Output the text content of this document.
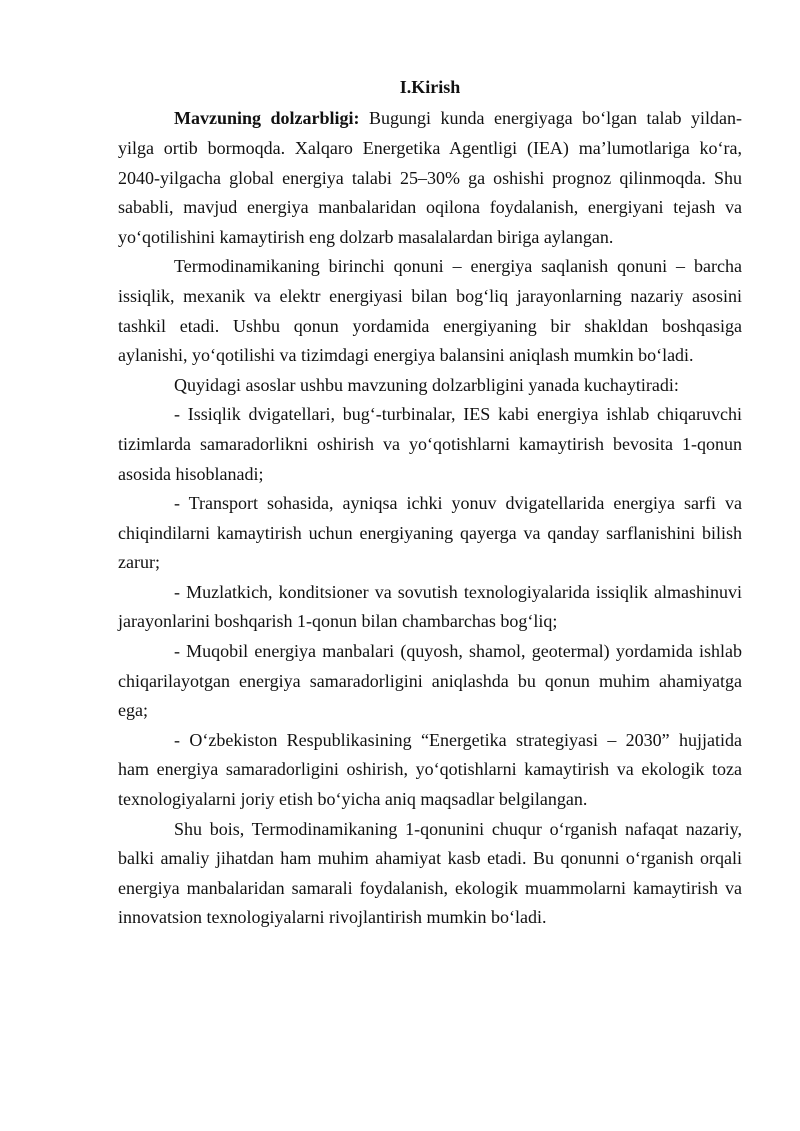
I.Kirish

Mavzuning dolzarbligi: Bugungi kunda energiyaga bo‘lgan talab yildan-yilga ortib bormoqda. Xalqaro Energetika Agentligi (IEA) ma’lumotlariga ko‘ra, 2040-yilgacha global energiya talabi 25–30% ga oshishi prognoz qilinmoqda. Shu sababli, mavjud energiya manbalaridan oqilona foydalanish, energiyani tejash va yo‘qotilishini kamaytirish eng dolzarb masalalardan biriga aylangan.

Termodinamikaning birinchi qonuni – energiya saqlanish qonuni – barcha issiqlik, mexanik va elektr energiyasi bilan bog‘liq jarayonlarning nazariy asosini tashkil etadi. Ushbu qonun yordamida energiyaning bir shakldan boshqasiga aylanishi, yo‘qotilishi va tizimdagi energiya balansini aniqlash mumkin bo‘ladi.

Quyidagi asoslar ushbu mavzuning dolzarbligini yanada kuchaytiradi:

- Issiqlik dvigatellari, bug‘-turbinalar, IES kabi energiya ishlab chiqaruvchi tizimlarda samaradorlikni oshirish va yo‘qotishlarni kamaytirish bevosita 1-qonun asosida hisoblanadi;

- Transport sohasida, ayniqsa ichki yonuv dvigatellarida energiya sarfi va chiqindilarni kamaytirish uchun energiyaning qayerga va qanday sarflanishini bilish zarur;

- Muzlatkich, konditsioner va sovutish texnologiyalarida issiqlik almashinuvi jarayonlarini boshqarish 1-qonun bilan chambarchas bog‘liq;

- Muqobil energiya manbalari (quyosh, shamol, geotermal) yordamida ishlab chiqarilayotgan energiya samaradorligini aniqlashda bu qonun muhim ahamiyatga ega;

- O‘zbekiston Respublikasining “Energetika strategiyasi – 2030” hujjatida ham energiya samaradorligini oshirish, yo‘qotishlarni kamaytirish va ekologik toza texnologiyalarni joriy etish bo‘yicha aniq maqsadlar belgilangan.

Shu bois, Termodinamikaning 1-qonunini chuqur o‘rganish nafaqat nazariy, balki amaliy jihatdan ham muhim ahamiyat kasb etadi. Bu qonunni o‘rganish orqali energiya manbalaridan samarali foydalanish, ekologik muammolarni kamaytirish va innovatsion texnologiyalarni rivojlantirish mumkin bo‘ladi.
